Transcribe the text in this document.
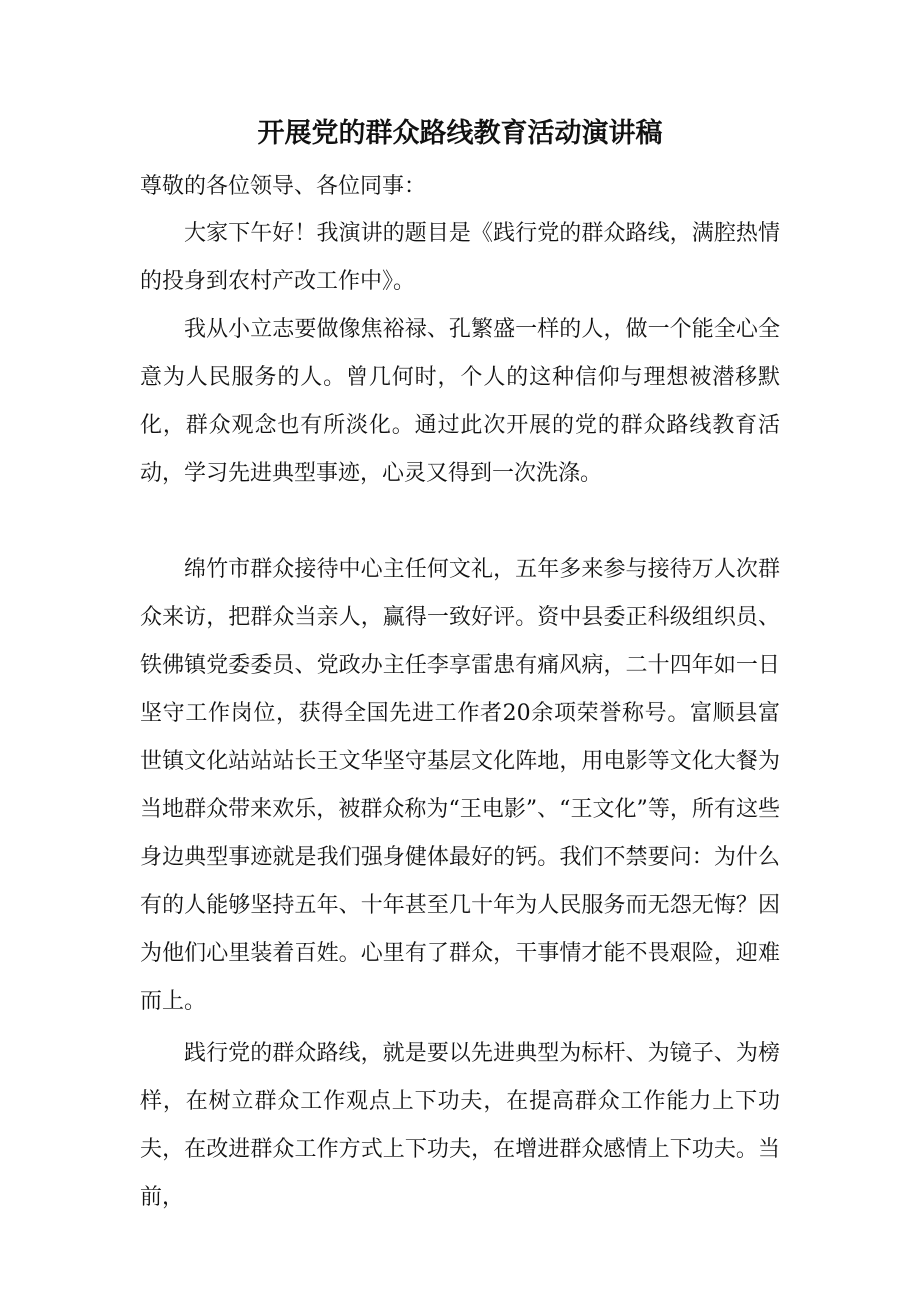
开展党的群众路线教育活动演讲稿
尊敬的各位领导、各位同事：

大家下午好！我演讲的题目是《践行党的群众路线，满腔热情的投身到农村产改工作中》。

我从小立志要做像焦裕禄、孔繁盛一样的人，做一个能全心全意为人民服务的人。曾几何时，个人的这种信仰与理想被潜移默化，群众观念也有所淡化。通过此次开展的党的群众路线教育活动，学习先进典型事迹，心灵又得到一次洗涤。

绵竹市群众接待中心主任何文礼，五年多来参与接待万人次群众来访，把群众当亲人，赢得一致好评。资中县委正科级组织员、铁佛镇党委委员、党政办主任李享雷患有痛风病，二十四年如一日坚守工作岗位，获得全国先进工作者20余项荣誉称号。富顺县富世镇文化站站站长王文华坚守基层文化阵地，用电影等文化大餐为当地群众带来欢乐，被群众称为“王电影”、“王文化”等，所有这些身边典型事迹就是我们强身健体最好的钙。我们不禁要问：为什么有的人能够坚持五年、十年甚至几十年为人民服务而无怨无悔？因为他们心里装着百姓。心里有了群众，干事情才能不畏艰险，迎难而上。

践行党的群众路线，就是要以先进典型为标杆、为镜子、为榜样，在树立群众工作观点上下功夫，在提高群众工作能力上下功夫，在改进群众工作方式上下功夫，在增进群众感情上下功夫。当前，
